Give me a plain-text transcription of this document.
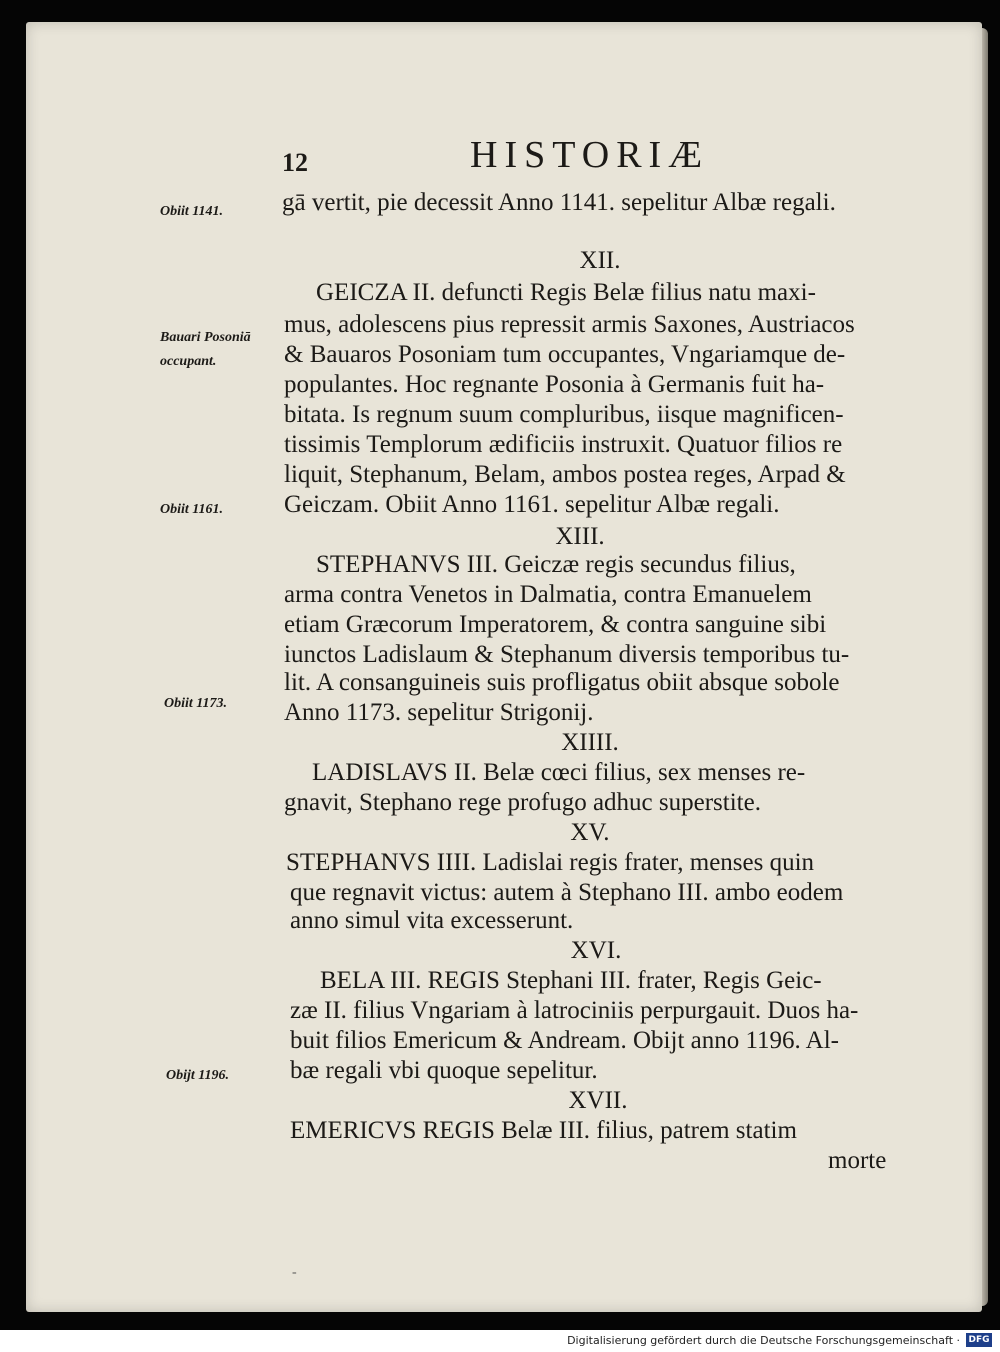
12	HISTORIÆ
Obiit 1141.
Bauari Posoniā
occupant.
Obiit 1161.
Obiit 1173.
Obijt 1196.
gā vertit, pie decessit Anno 1141. sepelitur Albæ regali.
XII.
GEICZA II. defuncti Regis Belæ filius natu maxi-
mus, adolescens pius repressit armis Saxones, Austriacos
& Bauaros Posoniam tum occupantes, Vngariamque de-
populantes. Hoc regnante Posonia à Germanis fuit ha-
bitata. Is regnum suum compluribus, iisque magnificen-
tissimis Templorum ædificiis instruxit. Quatuor filios re
liquit, Stephanum, Belam, ambos postea reges, Arpad &
Geiczam. Obiit Anno 1161. sepelitur Albæ regali.
XIII.
STEPHANVS III. Geiczæ regis secundus filius,
arma contra Venetos in Dalmatia, contra Emanuelem
etiam Græcorum Imperatorem, & contra sanguine sibi
iunctos Ladislaum & Stephanum diversis temporibus tu-
lit. A consanguineis suis profligatus obiit absque sobole
Anno 1173. sepelitur Strigonij.
XIIII.
LADISLAVS II. Belæ cœci filius, sex menses re-
gnavit, Stephano rege profugo adhuc superstite.
XV.
STEPHANVS IIII. Ladislai regis frater, menses quin
que regnavit victus: autem à Stephano III. ambo eodem
anno simul vita excesserunt.
XVI.
BELA III. REGIS Stephani III. frater, Regis Geic-
zæ II. filius Vngariam à latrociniis perpurgauit. Duos ha-
buit filios Emericum & Andream. Obijt anno 1196. Al-
bæ regali vbi quoque sepelitur.
XVII.
EMERICVS REGIS Belæ III. filius, patrem statim
morte
-
Digitalisierung gefördert durch die Deutsche Forschungsgemeinschaft · DFG
